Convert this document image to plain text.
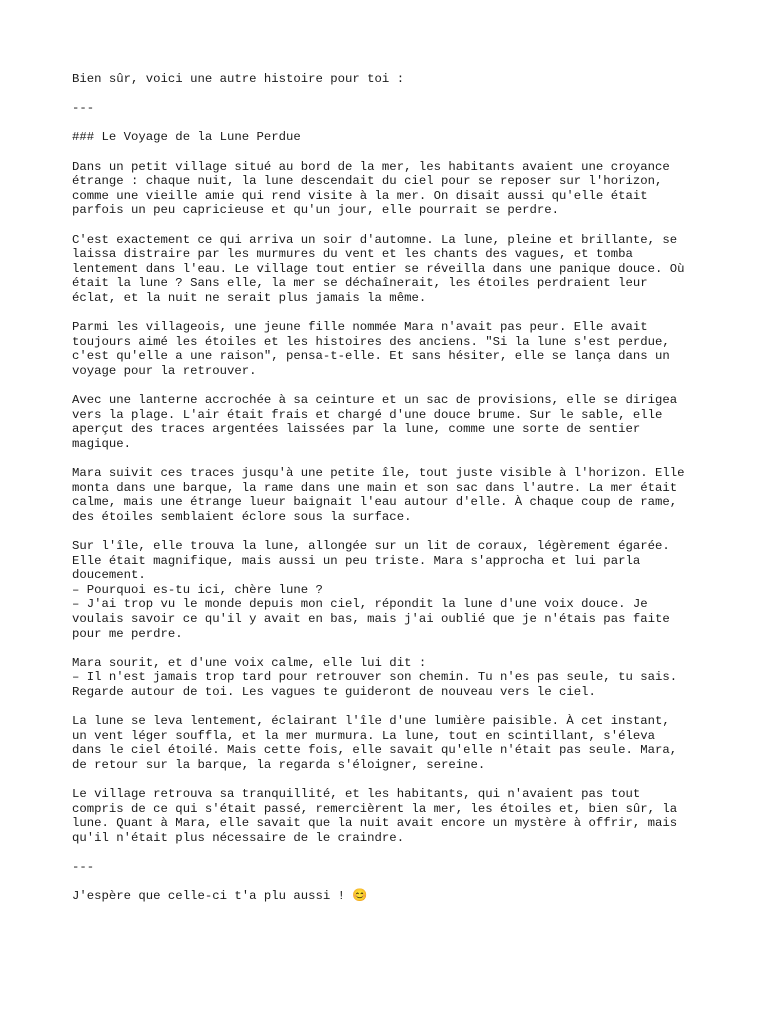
Bien sûr, voici une autre histoire pour toi :
---
### Le Voyage de la Lune Perdue
Dans un petit village situé au bord de la mer, les habitants avaient une croyance
étrange : chaque nuit, la lune descendait du ciel pour se reposer sur l'horizon,
comme une vieille amie qui rend visite à la mer. On disait aussi qu'elle était
parfois un peu capricieuse et qu'un jour, elle pourrait se perdre.
C'est exactement ce qui arriva un soir d'automne. La lune, pleine et brillante, se
laissa distraire par les murmures du vent et les chants des vagues, et tomba
lentement dans l'eau. Le village tout entier se réveilla dans une panique douce. Où
était la lune ? Sans elle, la mer se déchaînerait, les étoiles perdraient leur
éclat, et la nuit ne serait plus jamais la même.
Parmi les villageois, une jeune fille nommée Mara n'avait pas peur. Elle avait
toujours aimé les étoiles et les histoires des anciens. "Si la lune s'est perdue,
c'est qu'elle a une raison", pensa-t-elle. Et sans hésiter, elle se lança dans un
voyage pour la retrouver.
Avec une lanterne accrochée à sa ceinture et un sac de provisions, elle se dirigea
vers la plage. L'air était frais et chargé d'une douce brume. Sur le sable, elle
aperçut des traces argentées laissées par la lune, comme une sorte de sentier
magique.
Mara suivit ces traces jusqu'à une petite île, tout juste visible à l'horizon. Elle
monta dans une barque, la rame dans une main et son sac dans l'autre. La mer était
calme, mais une étrange lueur baignait l'eau autour d'elle. À chaque coup de rame,
des étoiles semblaient éclore sous la surface.
Sur l'île, elle trouva la lune, allongée sur un lit de coraux, légèrement égarée.
Elle était magnifique, mais aussi un peu triste. Mara s'approcha et lui parla
doucement.
– Pourquoi es-tu ici, chère lune ?
– J'ai trop vu le monde depuis mon ciel, répondit la lune d'une voix douce. Je
voulais savoir ce qu'il y avait en bas, mais j'ai oublié que je n'étais pas faite
pour me perdre.
Mara sourit, et d'une voix calme, elle lui dit :
– Il n'est jamais trop tard pour retrouver son chemin. Tu n'es pas seule, tu sais.
Regarde autour de toi. Les vagues te guideront de nouveau vers le ciel.
La lune se leva lentement, éclairant l'île d'une lumière paisible. À cet instant,
un vent léger souffla, et la mer murmura. La lune, tout en scintillant, s'éleva
dans le ciel étoilé. Mais cette fois, elle savait qu'elle n'était pas seule. Mara,
de retour sur la barque, la regarda s'éloigner, sereine.
Le village retrouva sa tranquillité, et les habitants, qui n'avaient pas tout
compris de ce qui s'était passé, remercièrent la mer, les étoiles et, bien sûr, la
lune. Quant à Mara, elle savait que la nuit avait encore un mystère à offrir, mais
qu'il n'était plus nécessaire de le craindre.
---
J'espère que celle-ci t'a plu aussi ! 😊
